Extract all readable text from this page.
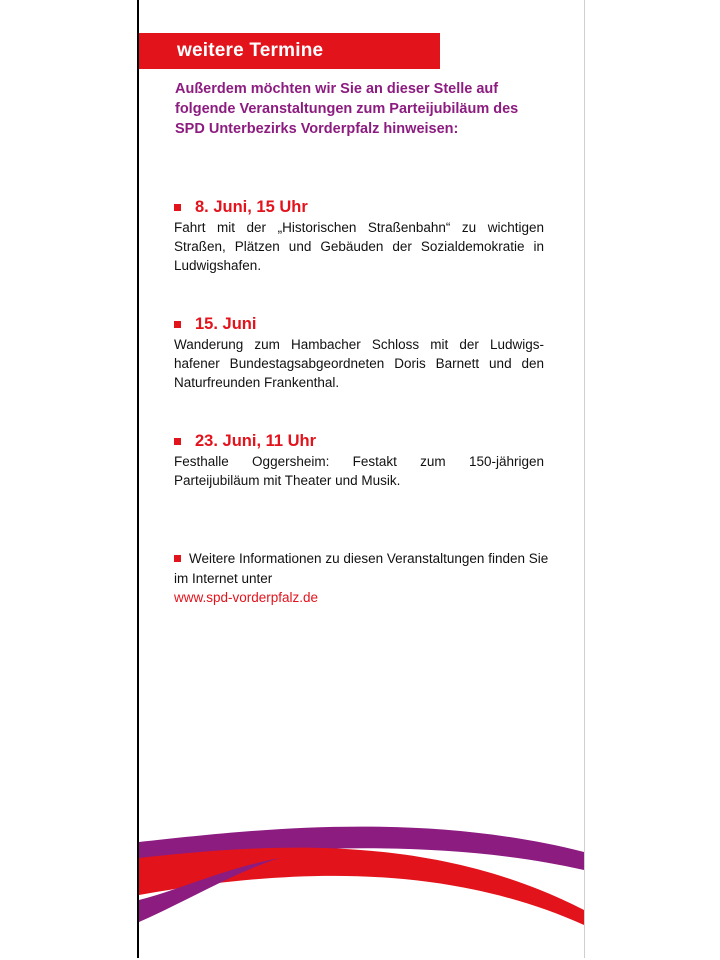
weitere Termine
Außerdem möchten wir Sie an dieser Stelle auf folgende Veranstaltungen zum Parteijubiläum des SPD Unterbezirks Vorderpfalz hinweisen:
8. Juni, 15 Uhr
Fahrt mit der „Historischen Straßenbahn“ zu wichtigen Straßen, Plätzen und Gebäuden der Sozialdemokratie in Ludwigshafen.
15. Juni
Wanderung zum Hambacher Schloss mit der Ludwigs-hafener Bundestagsabgeordneten Doris Barnett und den Naturfreunden Frankenthal.
23. Juni, 11 Uhr
Festhalle Oggersheim: Festakt zum 150-jährigen Parteijubiläum mit Theater und Musik.
Weitere Informationen zu diesen Veranstaltungen finden Sie im Internet unter
www.spd-vorderpfalz.de
